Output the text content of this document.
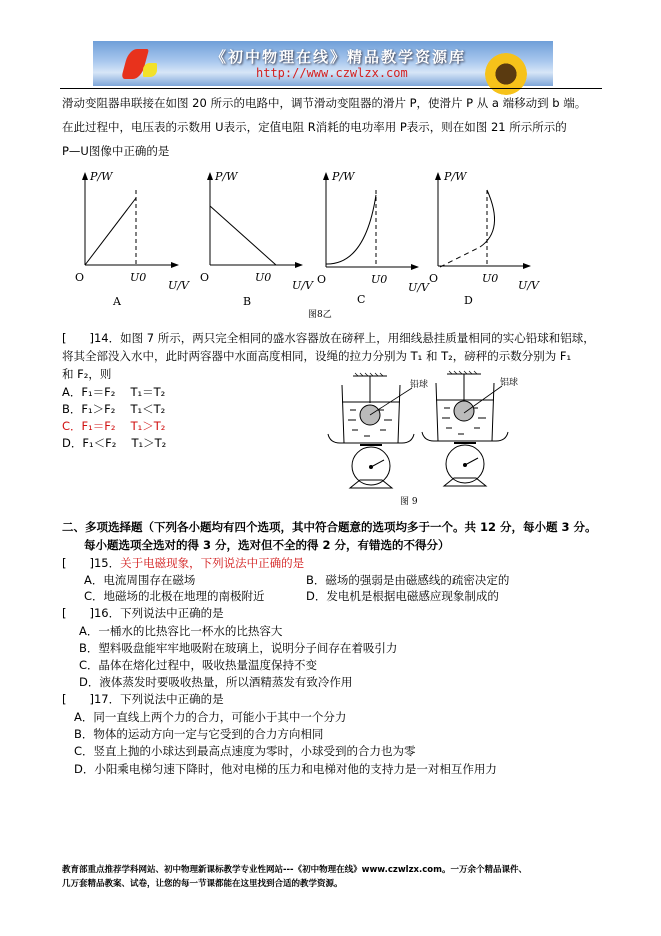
《初中物理在线》精品教学资源库
http://www.czwlzx.com
滑动变阻器串联接在如图 20 所示的电路中，调节滑动变阻器的滑片 P，使滑片 P 从 a 端移动到 b 端。
在此过程中，电压表的示数用 U表示，定值电阻 R消耗的电功率用 P表示，则在如图 21 所示所示的
P—U图像中正确的是
P/W
O	U0
U/V
A
P/W
O	U0
U/V
B
P/W
O	U0
U/V
C
P/W
O	U0
U/V
D
图8乙
[　　]14．如图 7 所示，两只完全相同的盛水容器放在磅秤上，用细线悬挂质量相同的实心铅球和铝球，
将其全部没入水中，此时两容器中水面高度相同，设绳的拉力分别为 T₁ 和 T₂，磅秤的示数分别为 F₁
和 F₂，则
A．F₁＝F₂　 T₁＝T₂
B．F₁＞F₂　 T₁＜T₂
C．F₁＝F₂　 T₁＞T₂
D．F₁＜F₂　 T₁＞T₂
铅球	铝球
图 9
二、多项选择题（下列各小题均有四个选项，其中符合题意的选项均多于一个。共 12 分，每小题 3 分。
每小题选项全选对的得 3 分，选对但不全的得 2 分，有错选的不得分）
[　　]15．关于电磁现象，下列说法中正确的是
A．电流周围存在磁场	B．磁场的强弱是由磁感线的疏密决定的
C．地磁场的北极在地理的南极附近	D．发电机是根据电磁感应现象制成的
[　　]16．下列说法中正确的是
A．一桶水的比热容比一杯水的比热容大
B．塑料吸盘能牢牢地吸附在玻璃上，说明分子间存在着吸引力
C．晶体在熔化过程中，吸收热量温度保持不变
D．液体蒸发时要吸收热量，所以酒精蒸发有致冷作用
[　　]17．下列说法中正确的是
A．同一直线上两个力的合力，可能小于其中一个分力
B．物体的运动方向一定与它受到的合力方向相同
C．竖直上抛的小球达到最高点速度为零时，小球受到的合力也为零
D．小阳乘电梯匀速下降时，他对电梯的压力和电梯对他的支持力是一对相互作用力
教育部重点推荐学科网站、初中物理新课标教学专业性网站---《初中物理在线》www.czwlzx.com。一万余个精品课件、
几万套精品教案、试卷，让您的每一节课都能在这里找到合适的教学资源。
